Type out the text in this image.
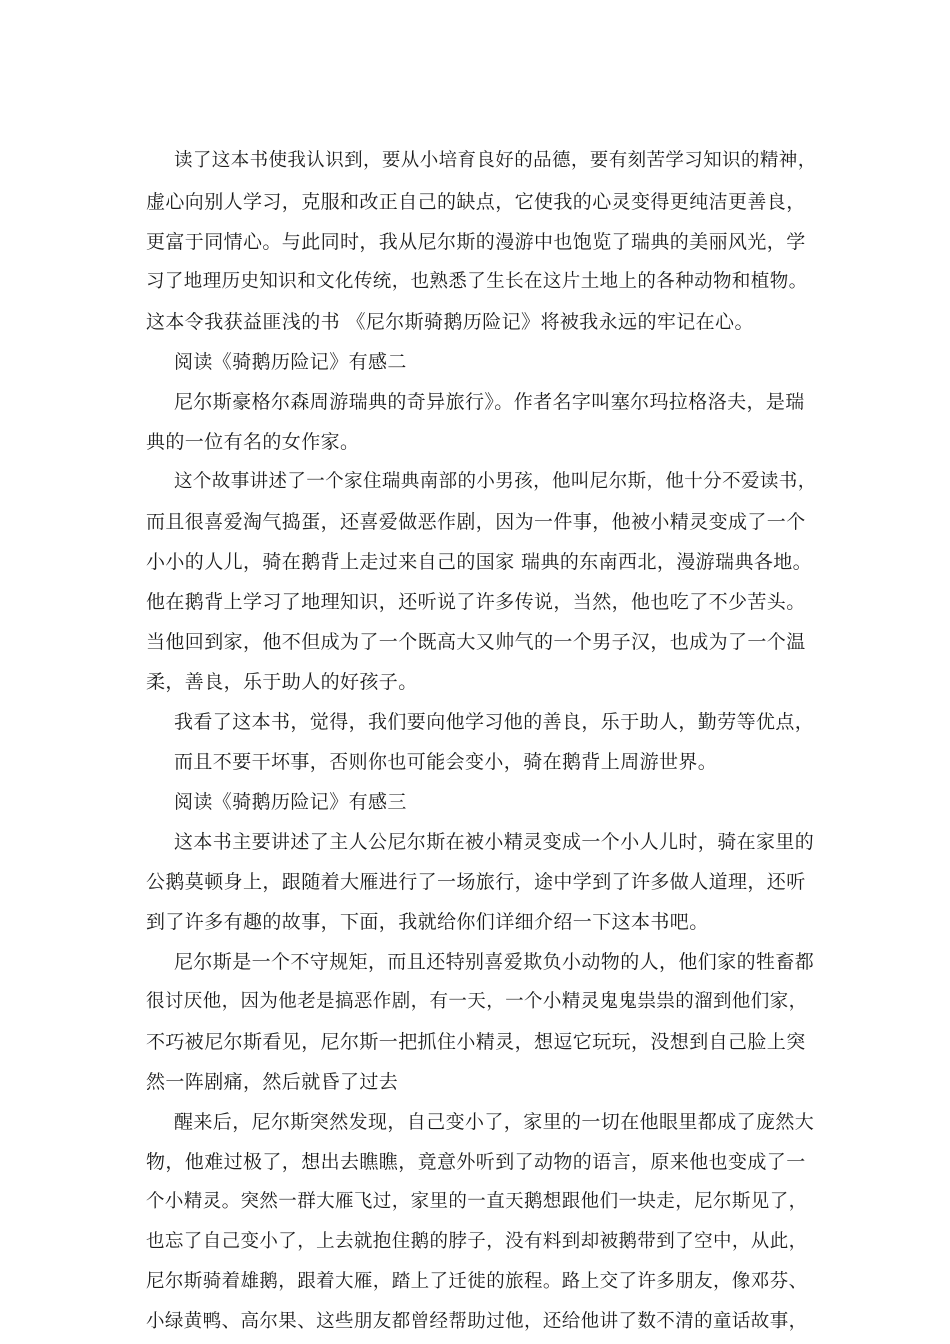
读了这本书使我认识到，要从小培育良好的品德，要有刻苦学习知识的精神，
虚心向别人学习，克服和改正自己的缺点，它使我的心灵变得更纯洁更善良，
更富于同情心。与此同时，我从尼尔斯的漫游中也饱览了瑞典的美丽风光，学
习了地理历史知识和文化传统，也熟悉了生长在这片土地上的各种动物和植物。
这本令我获益匪浅的书 《尼尔斯骑鹅历险记》将被我永远的牢记在心。
阅读《骑鹅历险记》有感二
尼尔斯豪格尔森周游瑞典的奇异旅行》。作者名字叫塞尔玛拉格洛夫，是瑞
典的一位有名的女作家。
这个故事讲述了一个家住瑞典南部的小男孩，他叫尼尔斯，他十分不爱读书，
而且很喜爱淘气捣蛋，还喜爱做恶作剧，因为一件事，他被小精灵变成了一个
小小的人儿，骑在鹅背上走过来自己的国家 瑞典的东南西北，漫游瑞典各地。
他在鹅背上学习了地理知识，还听说了许多传说，当然，他也吃了不少苦头。
当他回到家，他不但成为了一个既高大又帅气的一个男子汉，也成为了一个温
柔，善良，乐于助人的好孩子。
我看了这本书，觉得，我们要向他学习他的善良，乐于助人，勤劳等优点，
而且不要干坏事，否则你也可能会变小，骑在鹅背上周游世界。
阅读《骑鹅历险记》有感三
这本书主要讲述了主人公尼尔斯在被小精灵变成一个小人儿时，骑在家里的
公鹅莫顿身上，跟随着大雁进行了一场旅行，途中学到了许多做人道理，还听
到了许多有趣的故事，下面，我就给你们详细介绍一下这本书吧。
尼尔斯是一个不守规矩，而且还特别喜爱欺负小动物的人，他们家的牲畜都
很讨厌他，因为他老是搞恶作剧，有一天，一个小精灵鬼鬼祟祟的溜到他们家，
不巧被尼尔斯看见，尼尔斯一把抓住小精灵，想逗它玩玩，没想到自己脸上突
然一阵剧痛，然后就昏了过去
醒来后，尼尔斯突然发现，自己变小了，家里的一切在他眼里都成了庞然大
物，他难过极了，想出去瞧瞧，竟意外听到了动物的语言，原来他也变成了一
个小精灵。突然一群大雁飞过，家里的一直天鹅想跟他们一块走，尼尔斯见了，
也忘了自己变小了，上去就抱住鹅的脖子，没有料到却被鹅带到了空中，从此，
尼尔斯骑着雄鹅，跟着大雁，踏上了迁徙的旅程。路上交了许多朋友，像邓芬、
小绿黄鸭、高尔果、这些朋友都曾经帮助过他，还给他讲了数不清的童话故事，
